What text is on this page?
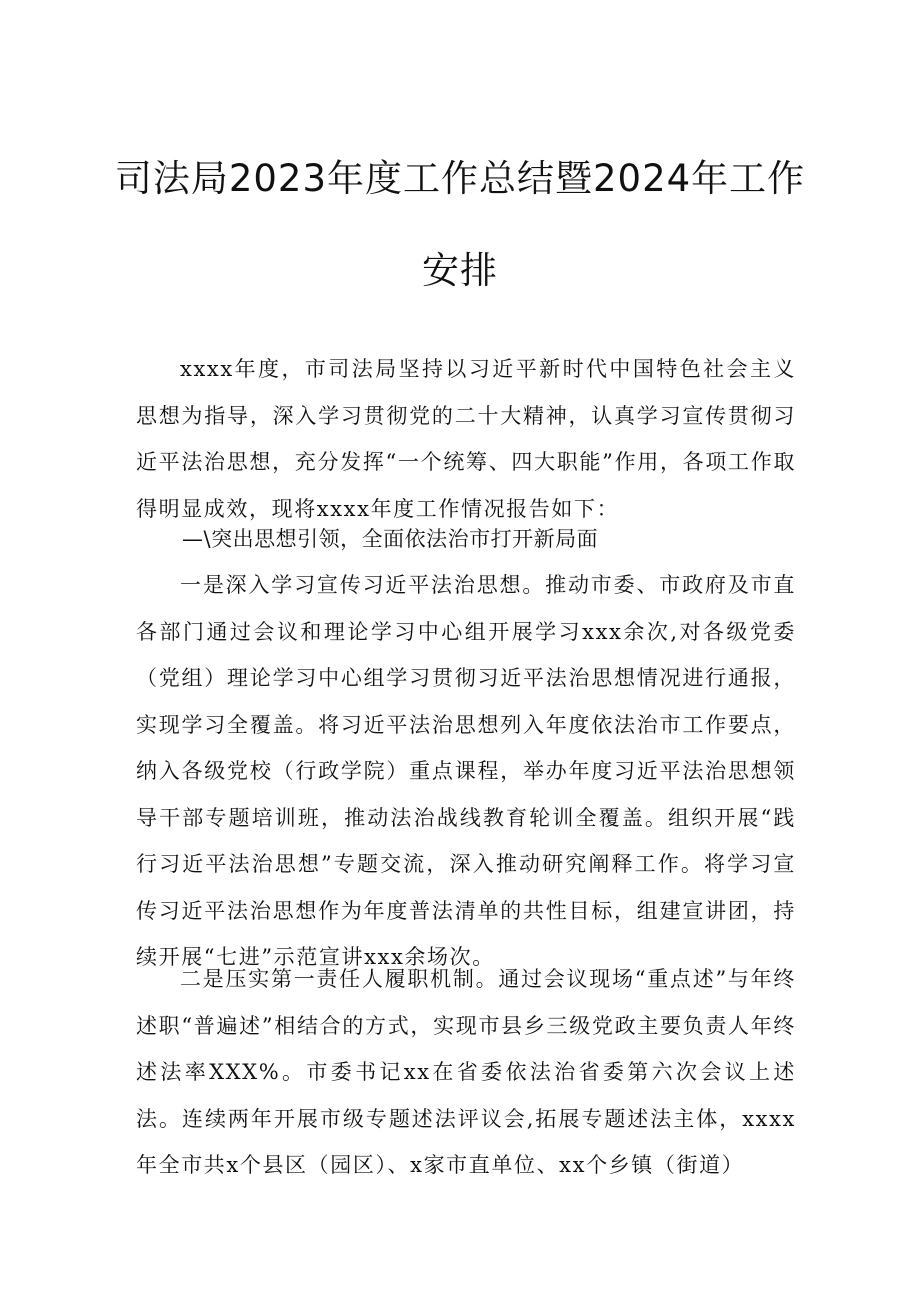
司法局2023年度工作总结暨2024年工作
安排
xxxx年度，市司法局坚持以习近平新时代中国特色社会主义思想为指导，深入学习贯彻党的二十大精神，认真学习宣传贯彻习近平法治思想，充分发挥“一个统筹、四大职能”作用，各项工作取得明显成效，现将xxxx年度工作情况报告如下：
—\突出思想引领，全面依法治市打开新局面
一是深入学习宣传习近平法治思想。推动市委、市政府及市直各部门通过会议和理论学习中心组开展学习xxx余次,对各级党委（党组）理论学习中心组学习贯彻习近平法治思想情况进行通报，实现学习全覆盖。将习近平法治思想列入年度依法治市工作要点，纳入各级党校（行政学院）重点课程，举办年度习近平法治思想领导干部专题培训班，推动法治战线教育轮训全覆盖。组织开展“践行习近平法治思想”专题交流，深入推动研究阐释工作。将学习宣传习近平法治思想作为年度普法清单的共性目标，组建宣讲团，持续开展“七进”示范宣讲xxx余场次。
二是压实第一责任人履职机制。通过会议现场“重点述”与年终述职“普遍述”相结合的方式，实现市县乡三级党政主要负责人年终述法率XXX%。市委书记xx在省委依法治省委第六次会议上述法。连续两年开展市级专题述法评议会,拓展专题述法主体，xxxx年全市共x个县区（园区）、x家市直单位、xx个乡镇（街道）
